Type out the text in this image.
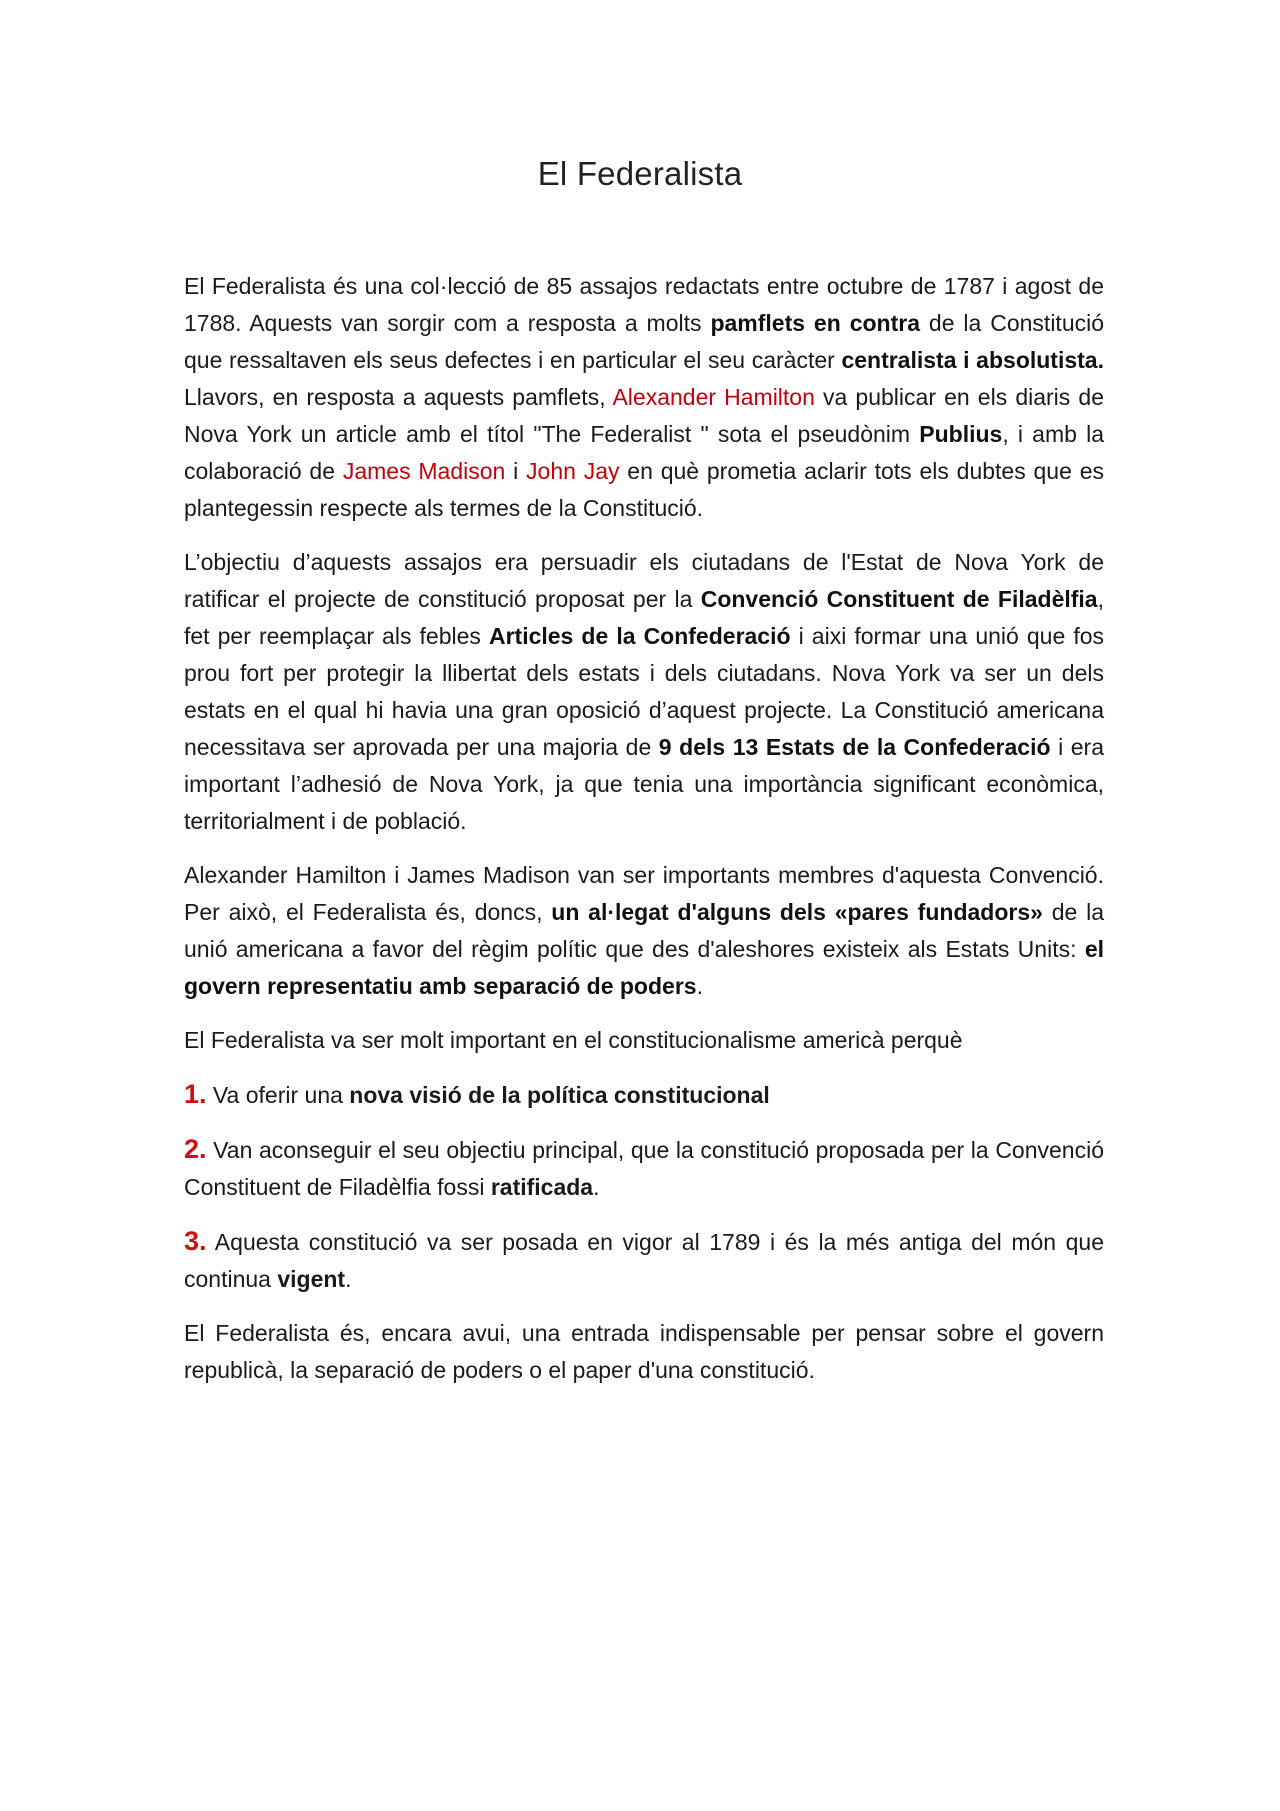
El Federalista

El Federalista és una col·lecció de 85 assajos redactats entre octubre de 1787 i agost de 1788. Aquests van sorgir com a resposta a molts pamflets en contra de la Constitució que ressaltaven els seus defectes i en particular el seu caràcter centralista i absolutista. Llavors, en resposta a aquests pamflets, Alexander Hamilton va publicar en els diaris de Nova York un article amb el títol "The Federalist " sota el pseudònim Publius, i amb la colaboració de James Madison i John Jay en què prometia aclarir tots els dubtes que es plantegessin respecte als termes de la Constitució.

L’objectiu d’aquests assajos era persuadir els ciutadans de l'Estat de Nova York de ratificar el projecte de constitució proposat per la Convenció Constituent de Filadèlfia, fet per reemplaçar als febles Articles de la Confederació i aixi formar una unió que fos prou fort per protegir la llibertat dels estats i dels ciutadans. Nova York va ser un dels estats en el qual hi havia una gran oposició d’aquest projecte. La Constitució americana necessitava ser aprovada per una majoria de 9 dels 13 Estats de la Confederació i era important l’adhesió de Nova York, ja que tenia una importància significant econòmica, territorialment i de població.

Alexander Hamilton i James Madison van ser importants membres d'aquesta Convenció. Per això, el Federalista és, doncs, un al·legat d'alguns dels «pares fundadors» de la unió americana a favor del règim polític que des d'aleshores existeix als Estats Units: el govern representatiu amb separació de poders.

El Federalista va ser molt important en el constitucionalisme americà perquè

1. Va oferir una nova visió de la política constitucional

2. Van aconseguir el seu objectiu principal, que la constitució proposada per la Convenció Constituent de Filadèlfia fossi ratificada.

3. Aquesta constitució va ser posada en vigor al 1789 i és la més antiga del món que continua vigent.

El Federalista és, encara avui, una entrada indispensable per pensar sobre el govern republicà, la separació de poders o el paper d'una constitució.
